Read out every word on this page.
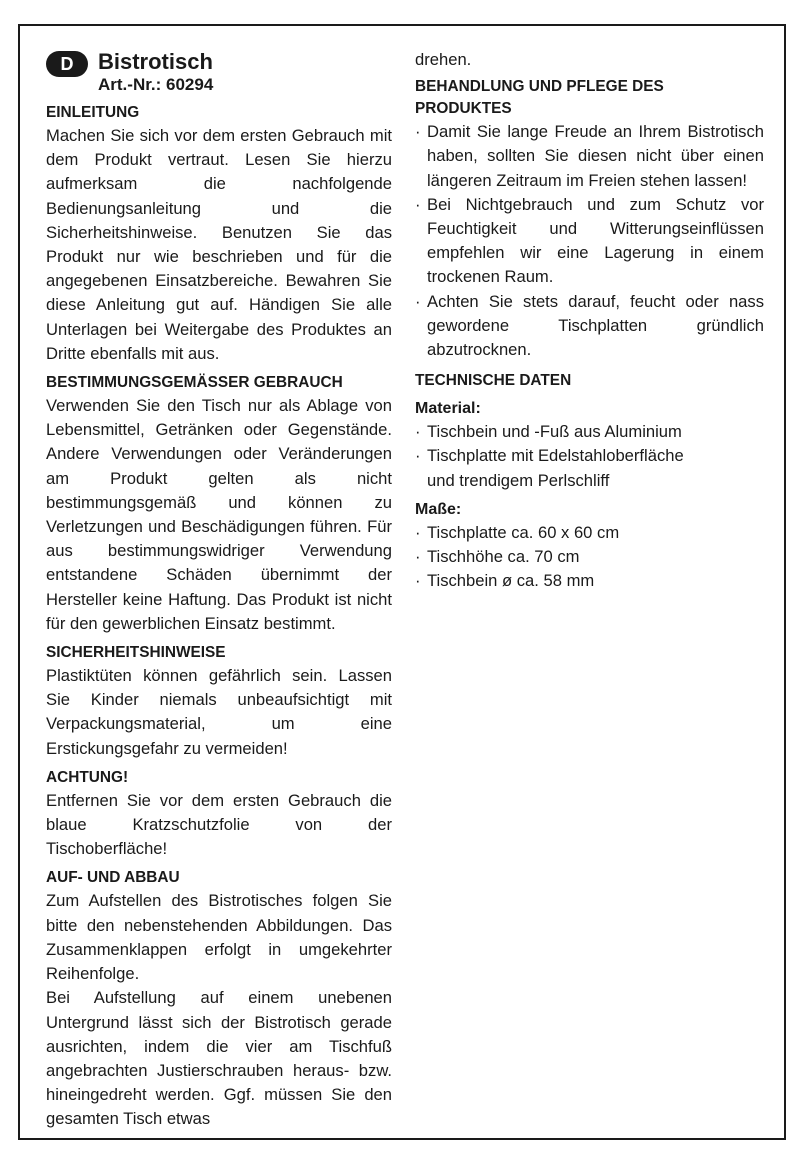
D	Bistrotisch
Art.-Nr.: 60294
EINLEITUNG

Machen Sie sich vor dem ersten Gebrauch mit dem Produkt vertraut. Lesen Sie hierzu aufmerksam die nachfolgende Bedienungsanleitung und die Sicherheitshinweise. Benutzen Sie das Produkt nur wie beschrieben und für die angegebenen Einsatzbereiche. Bewahren Sie diese Anleitung gut auf. Händigen Sie alle Unterlagen bei Weitergabe des Produktes an Dritte ebenfalls mit aus.

BESTIMMUNGSGEMÄSSER GEBRAUCH

Verwenden Sie den Tisch nur als Ablage von Lebensmittel, Getränken oder Gegenstände. Andere Verwendungen oder Veränderungen am Produkt gelten als nicht bestimmungsgemäß und können zu Verletzungen und Beschädigungen führen. Für aus bestimmungswidriger Verwendung entstandene Schäden übernimmt der Hersteller keine Haftung. Das Produkt ist nicht für den gewerblichen Einsatz bestimmt.

SICHERHEITSHINWEISE

Plastiktüten können gefährlich sein. Lassen Sie Kinder niemals unbeaufsichtigt mit Verpackungsmaterial, um eine Erstickungsgefahr zu vermeiden!

ACHTUNG!

Entfernen Sie vor dem ersten Gebrauch die blaue Kratzschutzfolie von der Tischoberfläche!

AUF- UND ABBAU

Zum Aufstellen des Bistrotisches folgen Sie bitte den nebenstehenden Abbildungen. Das Zusammenklappen erfolgt in umgekehrter Reihenfolge.

Bei Aufstellung auf einem unebenen Untergrund lässt sich der Bistrotisch gerade ausrichten, indem die vier am Tischfuß angebrachten Justierschrauben heraus- bzw. hineingedreht werden. Ggf. müssen Sie den gesamten Tisch etwas

drehen.

BEHANDLUNG UND PFLEGE DES PRODUKTES
· Damit Sie lange Freude an Ihrem Bistrotisch haben, sollten Sie diesen nicht über einen längeren Zeitraum im Freien stehen lassen!
· Bei Nichtgebrauch und zum Schutz vor Feuchtigkeit und Witterungseinflüssen empfehlen wir eine Lagerung in einem trockenen Raum.
· Achten Sie stets darauf, feucht oder nass gewordene Tischplatten gründlich abzutrocknen.
TECHNISCHE DATEN
Material:
· Tischbein und -Fuß aus Aluminium
· Tischplatte mit Edelstahloberfläche und trendigem Perlschliff
Maße:
· Tischplatte ca. 60 x 60 cm
· Tischhöhe ca. 70 cm
· Tischbein ø ca. 58 mm
